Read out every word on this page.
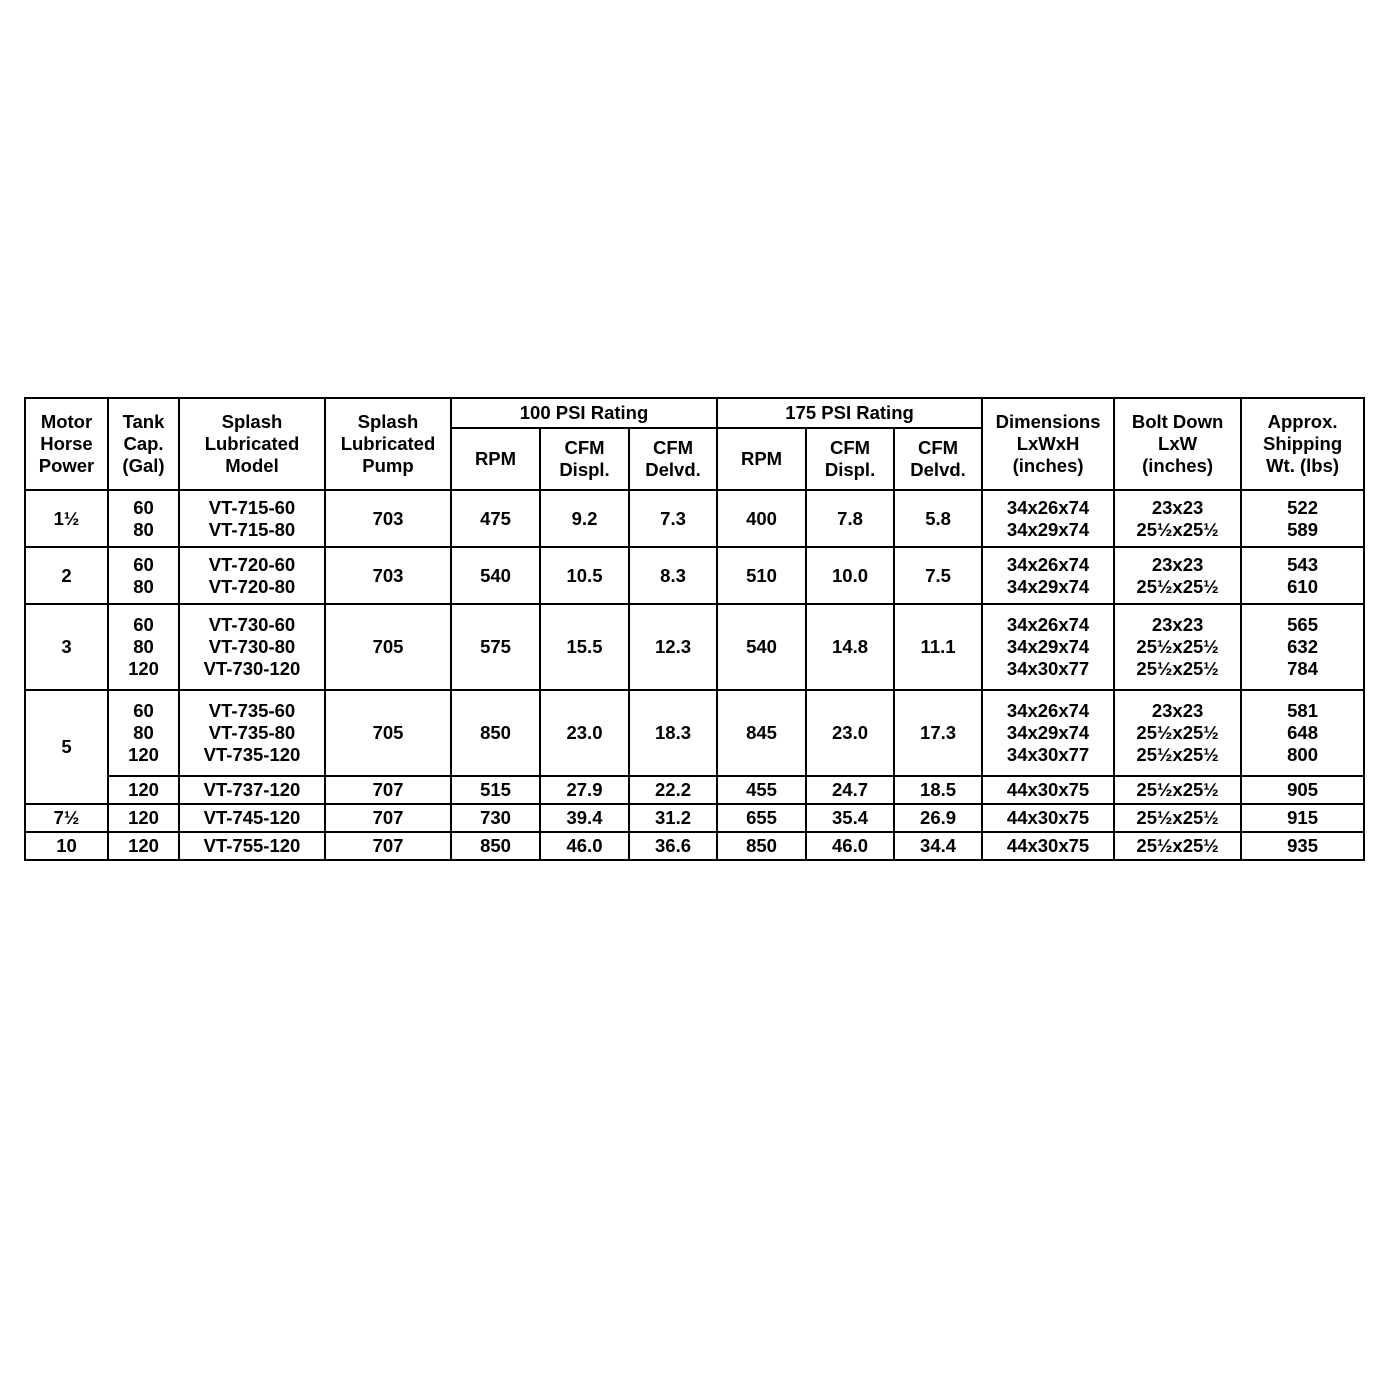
Motor
Horse
Power	Tank
Cap.
(Gal)	Splash
Lubricated
Model	Splash
Lubricated
Pump	100 PSI Rating			175 PSI Rating			Dimensions
LxWxH
(inches)	Bolt Down
LxW
(inches)	Approx.
Shipping
Wt. (lbs)

				RPM	CFM
Displ.	CFM
Delvd.	RPM	CFM
Displ.	CFM
Delvd.			

1½	60
80	VT-715-60
VT-715-80	703	475	9.2	7.3	400	7.8	5.8	34x26x74
34x29x74	23x23
25½x25½	522
589

2	60
80	VT-720-60
VT-720-80	703	540	10.5	8.3	510	10.0	7.5	34x26x74
34x29x74	23x23
25½x25½	543
610

3	60
80
120	VT-730-60
VT-730-80
VT-730-120	705	575	15.5	12.3	540	14.8	11.1	34x26x74
34x29x74
34x30x77	23x23
25½x25½
25½x25½	565
632
784

5	60
80
120	VT-735-60
VT-735-80
VT-735-120	705	850	23.0	18.3	845	23.0	17.3	34x26x74
34x29x74
34x30x77	23x23
25½x25½
25½x25½	581
648
800

	120	VT-737-120	707	515	27.9	22.2	455	24.7	18.5	44x30x75	25½x25½	905
7½	120	VT-745-120	707	730	39.4	31.2	655	35.4	26.9	44x30x75	25½x25½	915
10	120	VT-755-120	707	850	46.0	36.6	850	46.0	34.4	44x30x75	25½x25½	935
